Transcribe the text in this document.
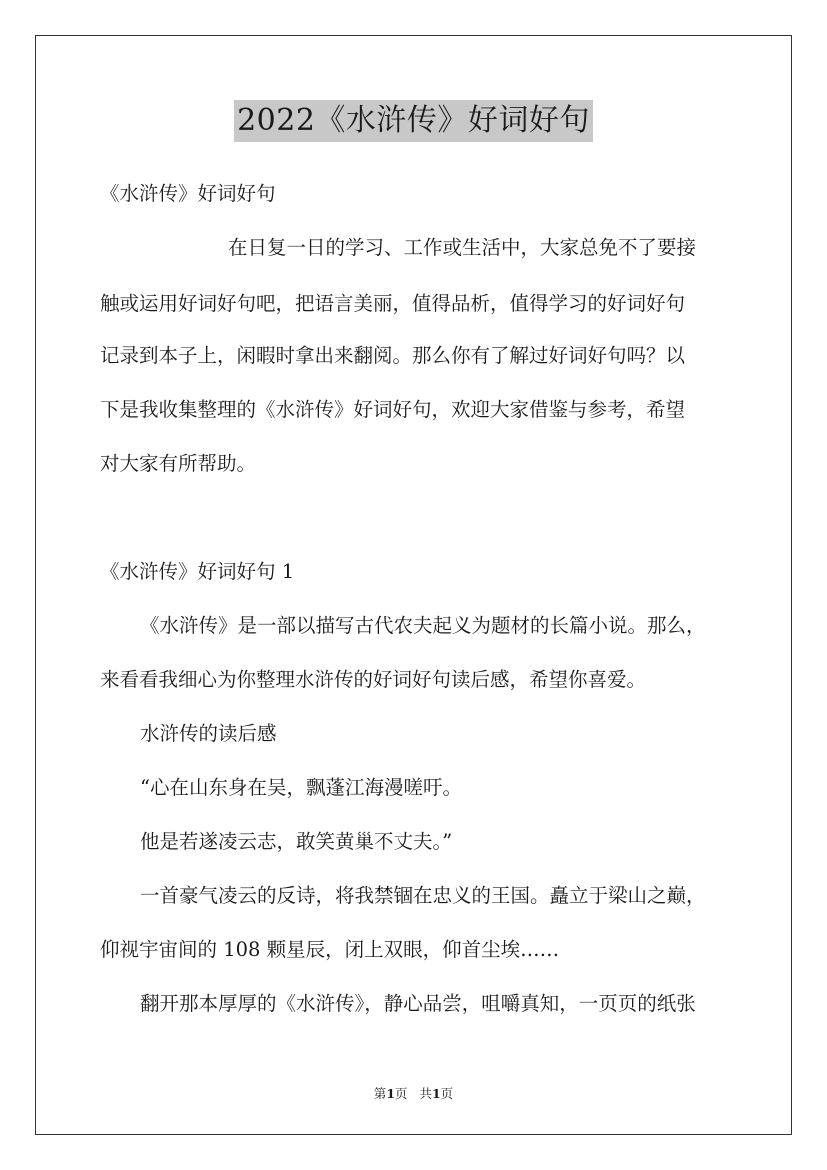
2022《水浒传》好词好句
《水浒传》好词好句
在日复一日的学习、工作或生活中，大家总免不了要接
触或运用好词好句吧，把语言美丽，值得品析，值得学习的好词好句
记录到本子上，闲暇时拿出来翻阅。那么你有了解过好词好句吗？以
下是我收集整理的《水浒传》好词好句，欢迎大家借鉴与参考，希望
对大家有所帮助。
《水浒传》好词好句 1
《水浒传》是一部以描写古代农夫起义为题材的长篇小说。那么，
来看看我细心为你整理水浒传的好词好句读后感，希望你喜爱。
水浒传的读后感
“心在山东身在吴，飘蓬江海漫嗟吁。
他是若遂凌云志，敢笑黄巢不丈夫。”
一首豪气凌云的反诗，将我禁锢在忠义的王国。矗立于梁山之巅，
仰视宇宙间的 108 颗星辰，闭上双眼，仰首尘埃……
翻开那本厚厚的《水浒传》，静心品尝，咀嚼真知，一页页的纸张
第1页 共1页
